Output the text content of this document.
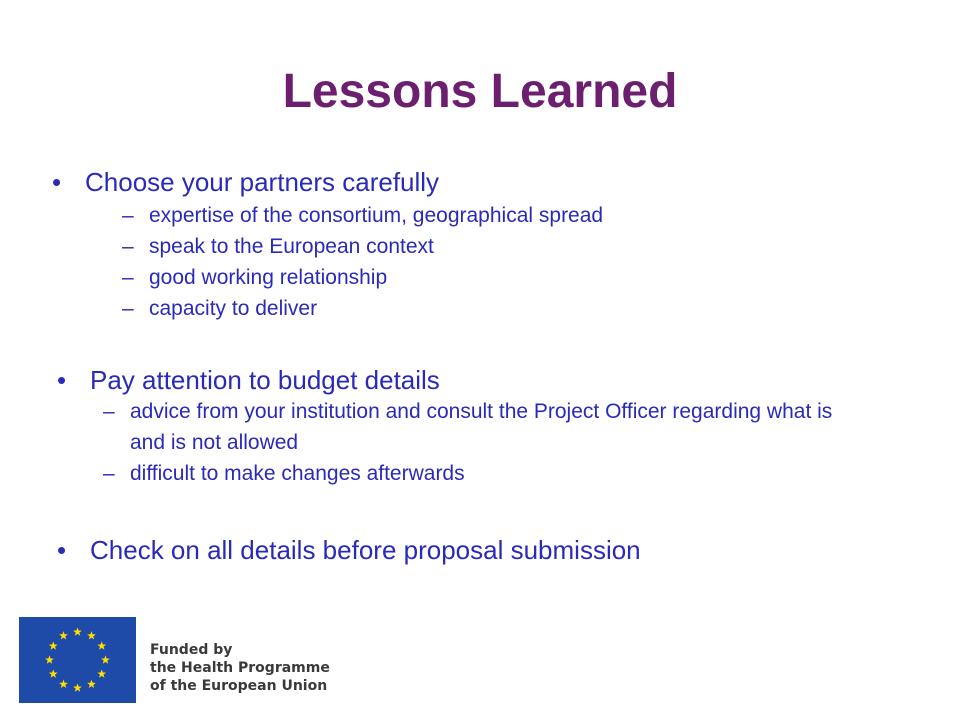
Lessons Learned
• Choose your partners carefully
– expertise of the consortium, geographical spread
– speak to the European context
– good working relationship
– capacity to deliver
• Pay attention to budget details
– advice from your institution and consult the Project Officer regarding what is and is not allowed
– difficult to make changes afterwards
• Check on all details before proposal submission
Funded by
the Health Programme
of the European Union
